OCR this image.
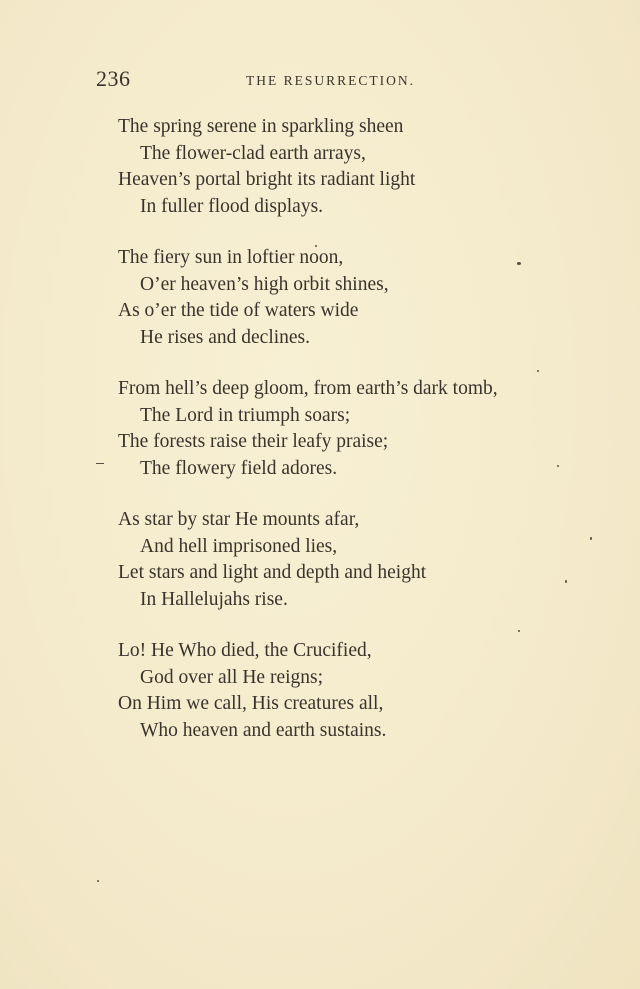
236	THE RESURRECTION.
The spring serene in sparkling sheen
The flower-clad earth arrays,
Heaven’s portal bright its radiant light
In fuller flood displays.
The fiery sun in loftier noon,
O’er heaven’s high orbit shines,
As o’er the tide of waters wide
He rises and declines.
From hell’s deep gloom, from earth’s dark tomb,
The Lord in triumph soars;
The forests raise their leafy praise;
The flowery field adores.
As star by star He mounts afar,
And hell imprisoned lies,
Let stars and light and depth and height
In Hallelujahs rise.
Lo! He Who died, the Crucified,
God over all He reigns;
On Him we call, His creatures all,
Who heaven and earth sustains.
